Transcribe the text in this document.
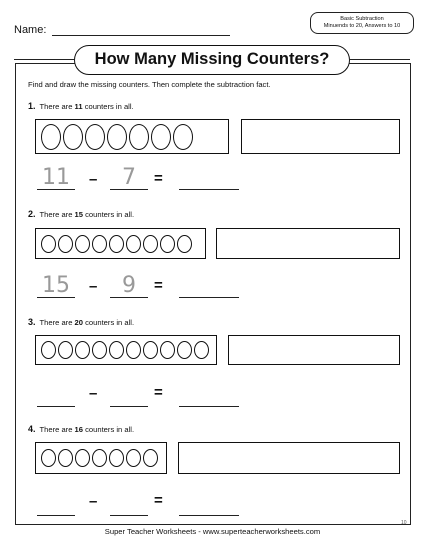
Name:
Basic Subtraction
Minuends to 20, Answers to 10
How Many Missing Counters?
Find and draw the missing counters. Then complete the subtraction fact.
1. There are 11 counters in all.
11	–	7	=
2. There are 15 counters in all.
15	–	9	=
3. There are 20 counters in all.
–	=
4. There are 16 counters in all.
–	=
10
Super Teacher Worksheets - www.superteacherworksheets.com
